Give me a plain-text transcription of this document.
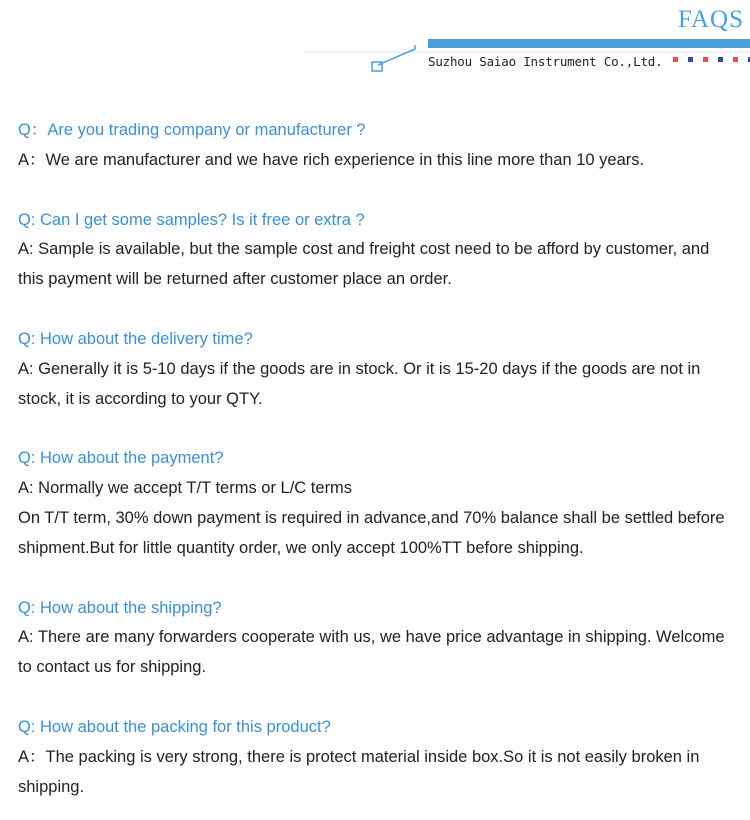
FAQS
Suzhou Saiao Instrument Co.,Ltd.
Q：Are you trading company or manufacturer ?
A：We are manufacturer and we have rich experience in this line more than 10 years.
Q: Can I get some samples? Is it free or extra ?
A: Sample is available, but the sample cost and freight cost need to be afford by customer, and
this payment will be returned after customer place an order.
Q: How about the delivery time?
A: Generally it is 5-10 days if the goods are in stock. Or it is 15-20 days if the goods are not in
stock, it is according to your QTY.
Q: How about the payment?
A: Normally we accept T/T terms or L/C terms
On T/T term, 30% down payment is required in advance,and 70% balance shall be settled before
shipment.But for little quantity order, we only accept 100%TT before shipping.
Q: How about the shipping?
A: There are many forwarders cooperate with us, we have price advantage in shipping. Welcome
to contact us for shipping.
Q: How about the packing for this product?
A：The packing is very strong, there is protect material inside box.So it is not easily broken in
shipping.
